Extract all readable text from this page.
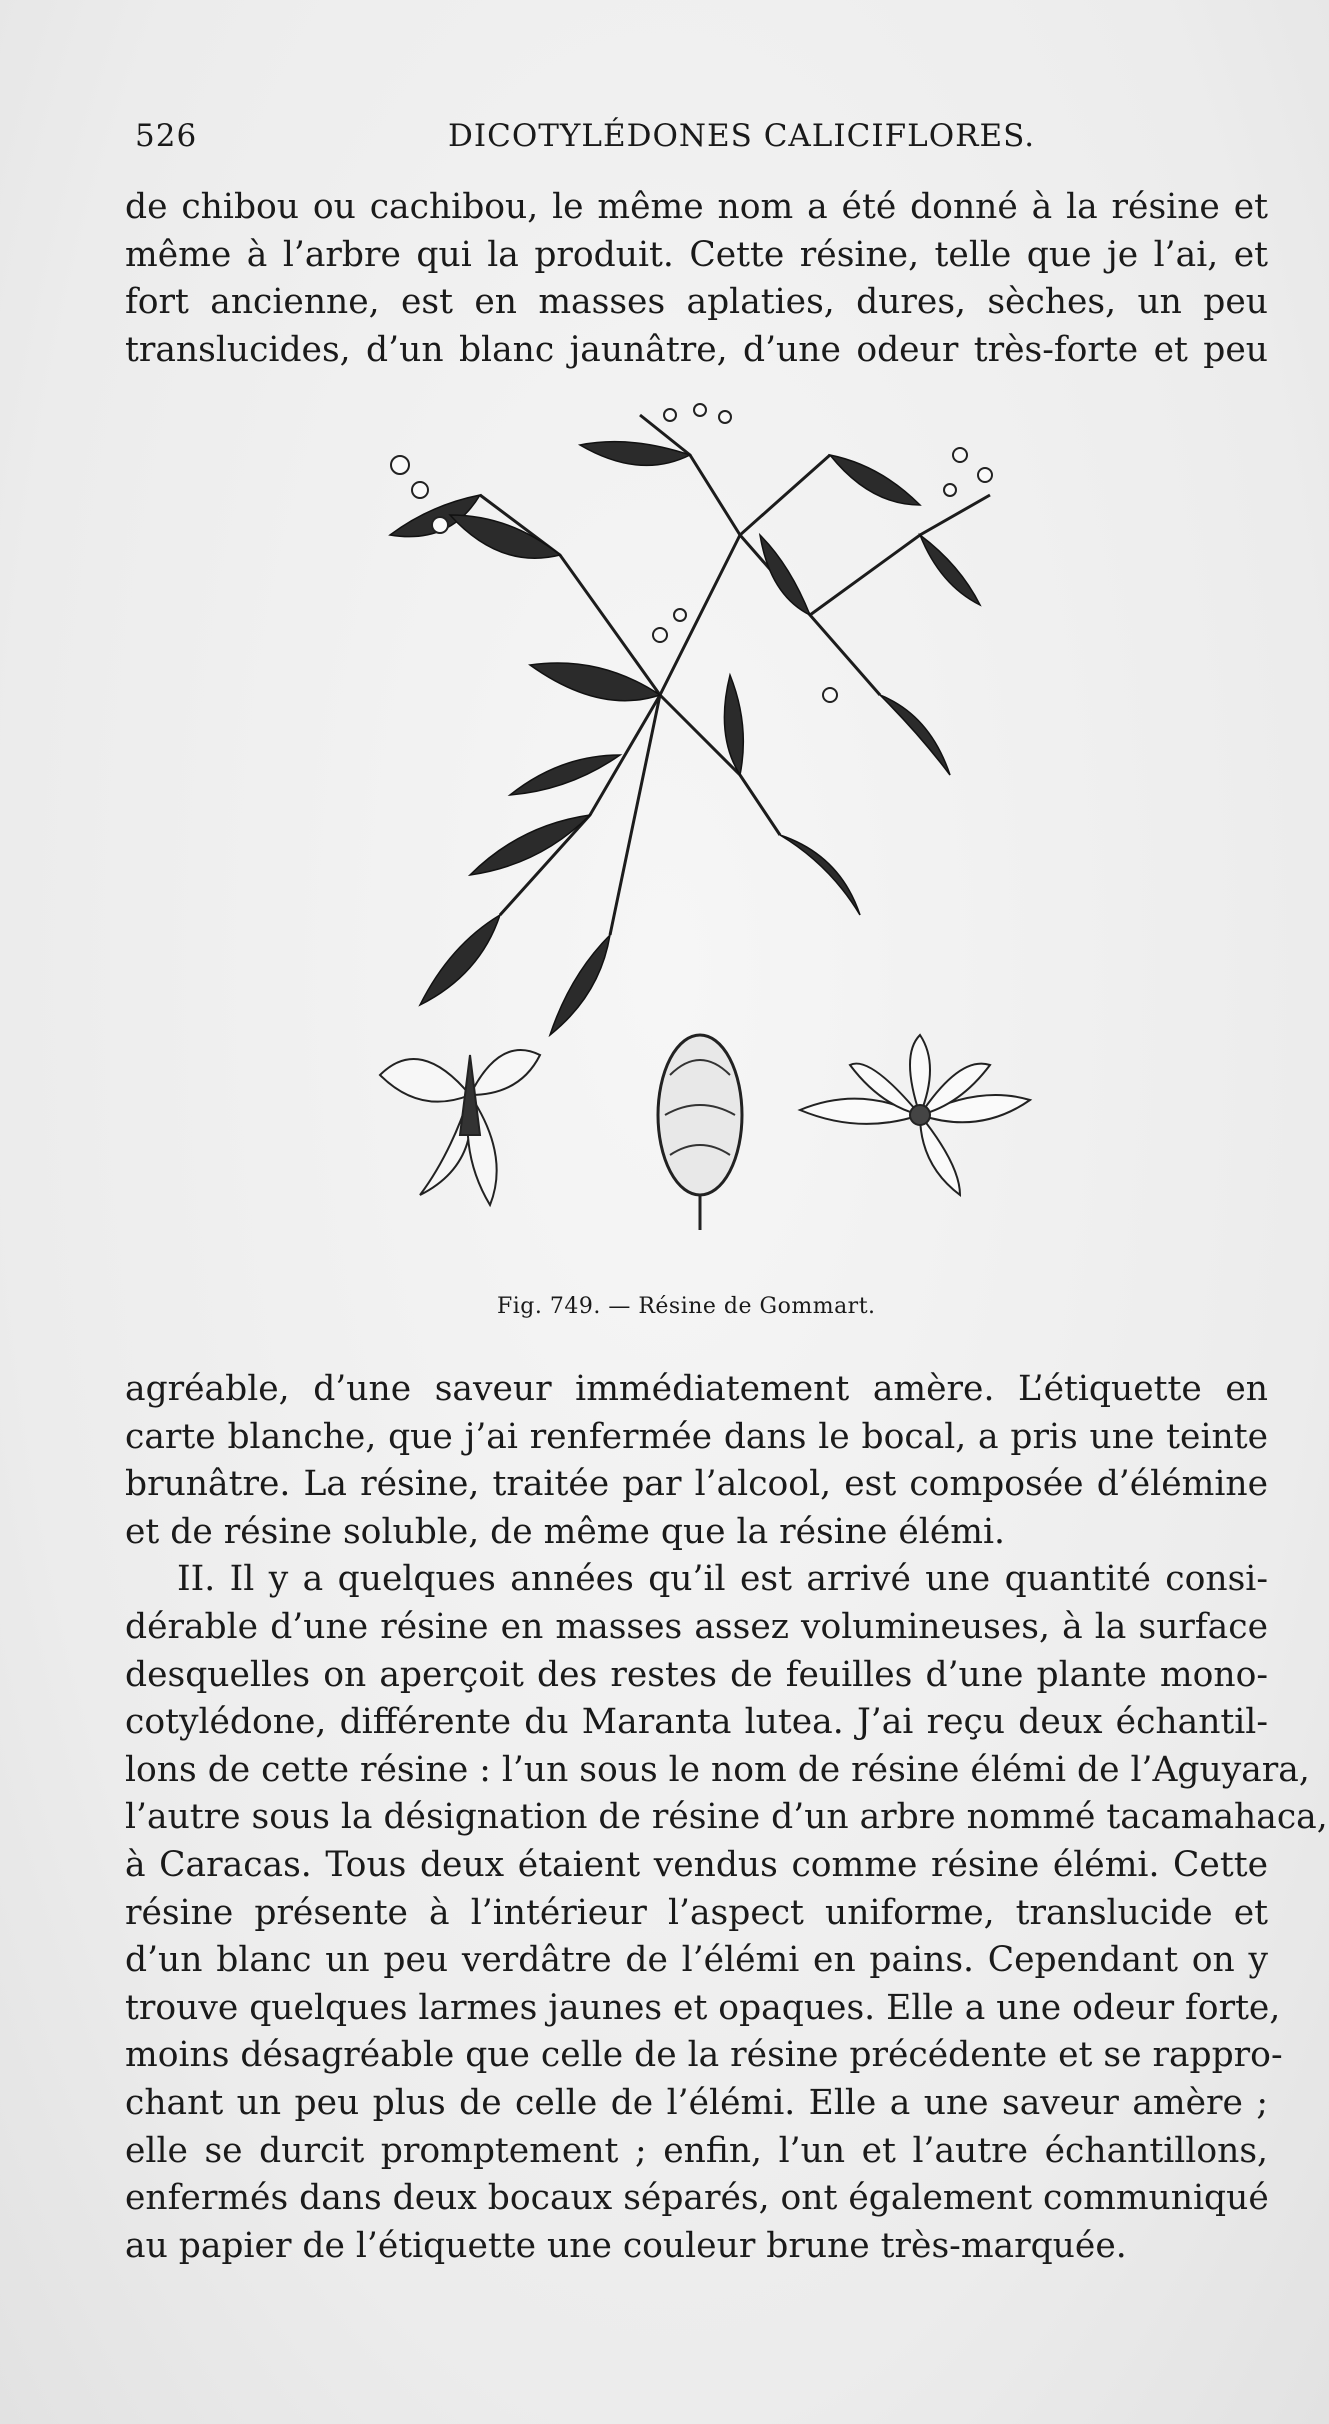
526	DICOTYLÉDONES CALICIFLORES.
de chibou ou cachibou, le même nom a été donné à la résine et
même à l’arbre qui la produit. Cette résine, telle que je l’ai, et
fort ancienne, est en masses aplaties, dures, sèches, un peu
translucides, d’un blanc jaunâtre, d’une odeur très-forte et peu
Fig. 749. — Résine de Gommart.
agréable, d’une saveur immédiatement amère. L’étiquette en
carte blanche, que j’ai renfermée dans le bocal, a pris une teinte
brunâtre. La résine, traitée par l’alcool, est composée d’élémine
et de résine soluble, de même que la résine élémi.
II. Il y a quelques années qu’il est arrivé une quantité consi-
dérable d’une résine en masses assez volumineuses, à la surface
desquelles on aperçoit des restes de feuilles d’une plante mono-
cotylédone, différente du Maranta lutea. J’ai reçu deux échantil-
lons de cette résine : l’un sous le nom de résine élémi de l’Aguyara,
l’autre sous la désignation de résine d’un arbre nommé tacamahaca,
à Caracas. Tous deux étaient vendus comme résine élémi. Cette
résine présente à l’intérieur l’aspect uniforme, translucide et
d’un blanc un peu verdâtre de l’élémi en pains. Cependant on y
trouve quelques larmes jaunes et opaques. Elle a une odeur forte,
moins désagréable que celle de la résine précédente et se rappro-
chant un peu plus de celle de l’élémi. Elle a une saveur amère ;
elle se durcit promptement ; enfin, l’un et l’autre échantillons,
enfermés dans deux bocaux séparés, ont également communiqué
au papier de l’étiquette une couleur brune très-marquée.
